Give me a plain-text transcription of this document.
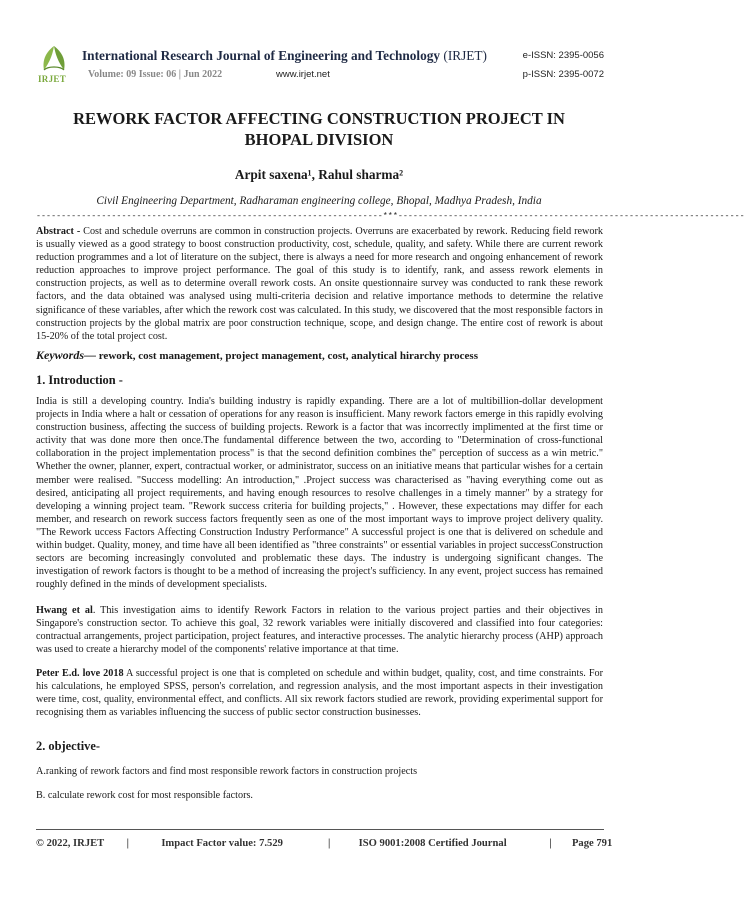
IRJET
International Research Journal of Engineering and Technology (IRJET)	e-ISSN: 2395-0056
Volume: 09 Issue: 06 | Jun 2022	www.irjet.net	p-ISSN: 2395-0072
REWORK FACTOR AFFECTING CONSTRUCTION PROJECT IN BHOPAL DIVISION
Arpit saxena¹, Rahul sharma²
Civil Engineering Department, Radharaman engineering college, Bhopal, Madhya Pradesh, India
---------------------------------------------------------------------***---------------------------------------------------------------------
Abstract - Cost and schedule overruns are common in construction projects. Overruns are exacerbated by rework. Reducing field rework is usually viewed as a good strategy to boost construction productivity, cost, schedule, quality, and safety. While there are current rework reduction programmes and a lot of literature on the subject, there is always a need for more research and ongoing enhancement of rework reduction approaches to improve project performance. The goal of this study is to identify, rank, and assess rework elements in construction projects, as well as to determine overall rework costs. An onsite questionnaire survey was conducted to rank these rework factors, and the data obtained was analysed using multi-criteria decision and relative importance methods to determine the relative significance of these variables, after which the rework cost was calculated. In this study, we discovered that the most responsible factors in construction projects by the global matrix are poor construction technique, scope, and design change. The entire cost of rework is about 15-20% of the total project cost.
Keywords— rework, cost management, project management, cost, analytical hirarchy process
1. Introduction -
India is still a developing country. India's building industry is rapidly expanding. There are a lot of multibillion-dollar development projects in India where a halt or cessation of operations for any reason is insufficient. Many rework factors emerge in this rapidly evolving construction business, affecting the success of building projects. Rework is a factor that was incorrectly implimented at the first time or activity that was done more then once.The fundamental difference between the two, according to "Determination of cross-functional collaboration in the project implementation process" is that the second definition combines the" perception of success as a win metric." Whether the owner, planner, expert, contractual worker, or administrator, success on an initiative means that particular wishes for a certain member were realised. "Success modelling: An introduction," .Project success was characterised as "having everything come out as desired, anticipating all project requirements, and having enough resources to resolve challenges in a timely manner" by a strategy for developing a winning project team. "Rework success criteria for building projects," . However, these expectations may differ for each member, and research on rework success factors frequently seen as one of the most important ways to improve project delivery quality. "The Rework uccess Factors Affecting Construction Industry Performance" A successful project is one that is delivered on schedule and within budget. Quality, money, and time have all been identified as "three constraints" or essential variables in project successConstruction sectors are becoming increasingly convoluted and problematic these days. The industry is undergoing significant changes. The investigation of rework factors is thought to be a method of increasing the project's sufficiency. In any event, project success has remained roughly defined in the minds of development specialists.
Hwang et al. This investigation aims to identify Rework Factors in relation to the various project parties and their objectives in Singapore's construction sector. To achieve this goal, 32 rework variables were initially discovered and classified into four categories: contractual arrangements, project participation, project features, and interactive processes. The analytic hierarchy process (AHP) approach was used to create a hierarchy model of the components' relative importance at that time.
Peter E.d. love 2018 A successful project is one that is completed on schedule and within budget, quality, cost, and time constraints. For his calculations, he employed SPSS, person's correlation, and regression analysis, and the most important aspects in their investigation were time, cost, quality, environmental effect, and conflicts. All six rework factors studied are rework, providing experimental support for recognising them as variables influencing the success of public sector construction businesses.
2. objective-
A.ranking of rework factors and find most responsible rework factors in construction projects
B. calculate rework cost for most responsible factors.
© 2022, IRJET |	Impact Factor value: 7.529	|	ISO 9001:2008 Certified Journal	| Page 791
